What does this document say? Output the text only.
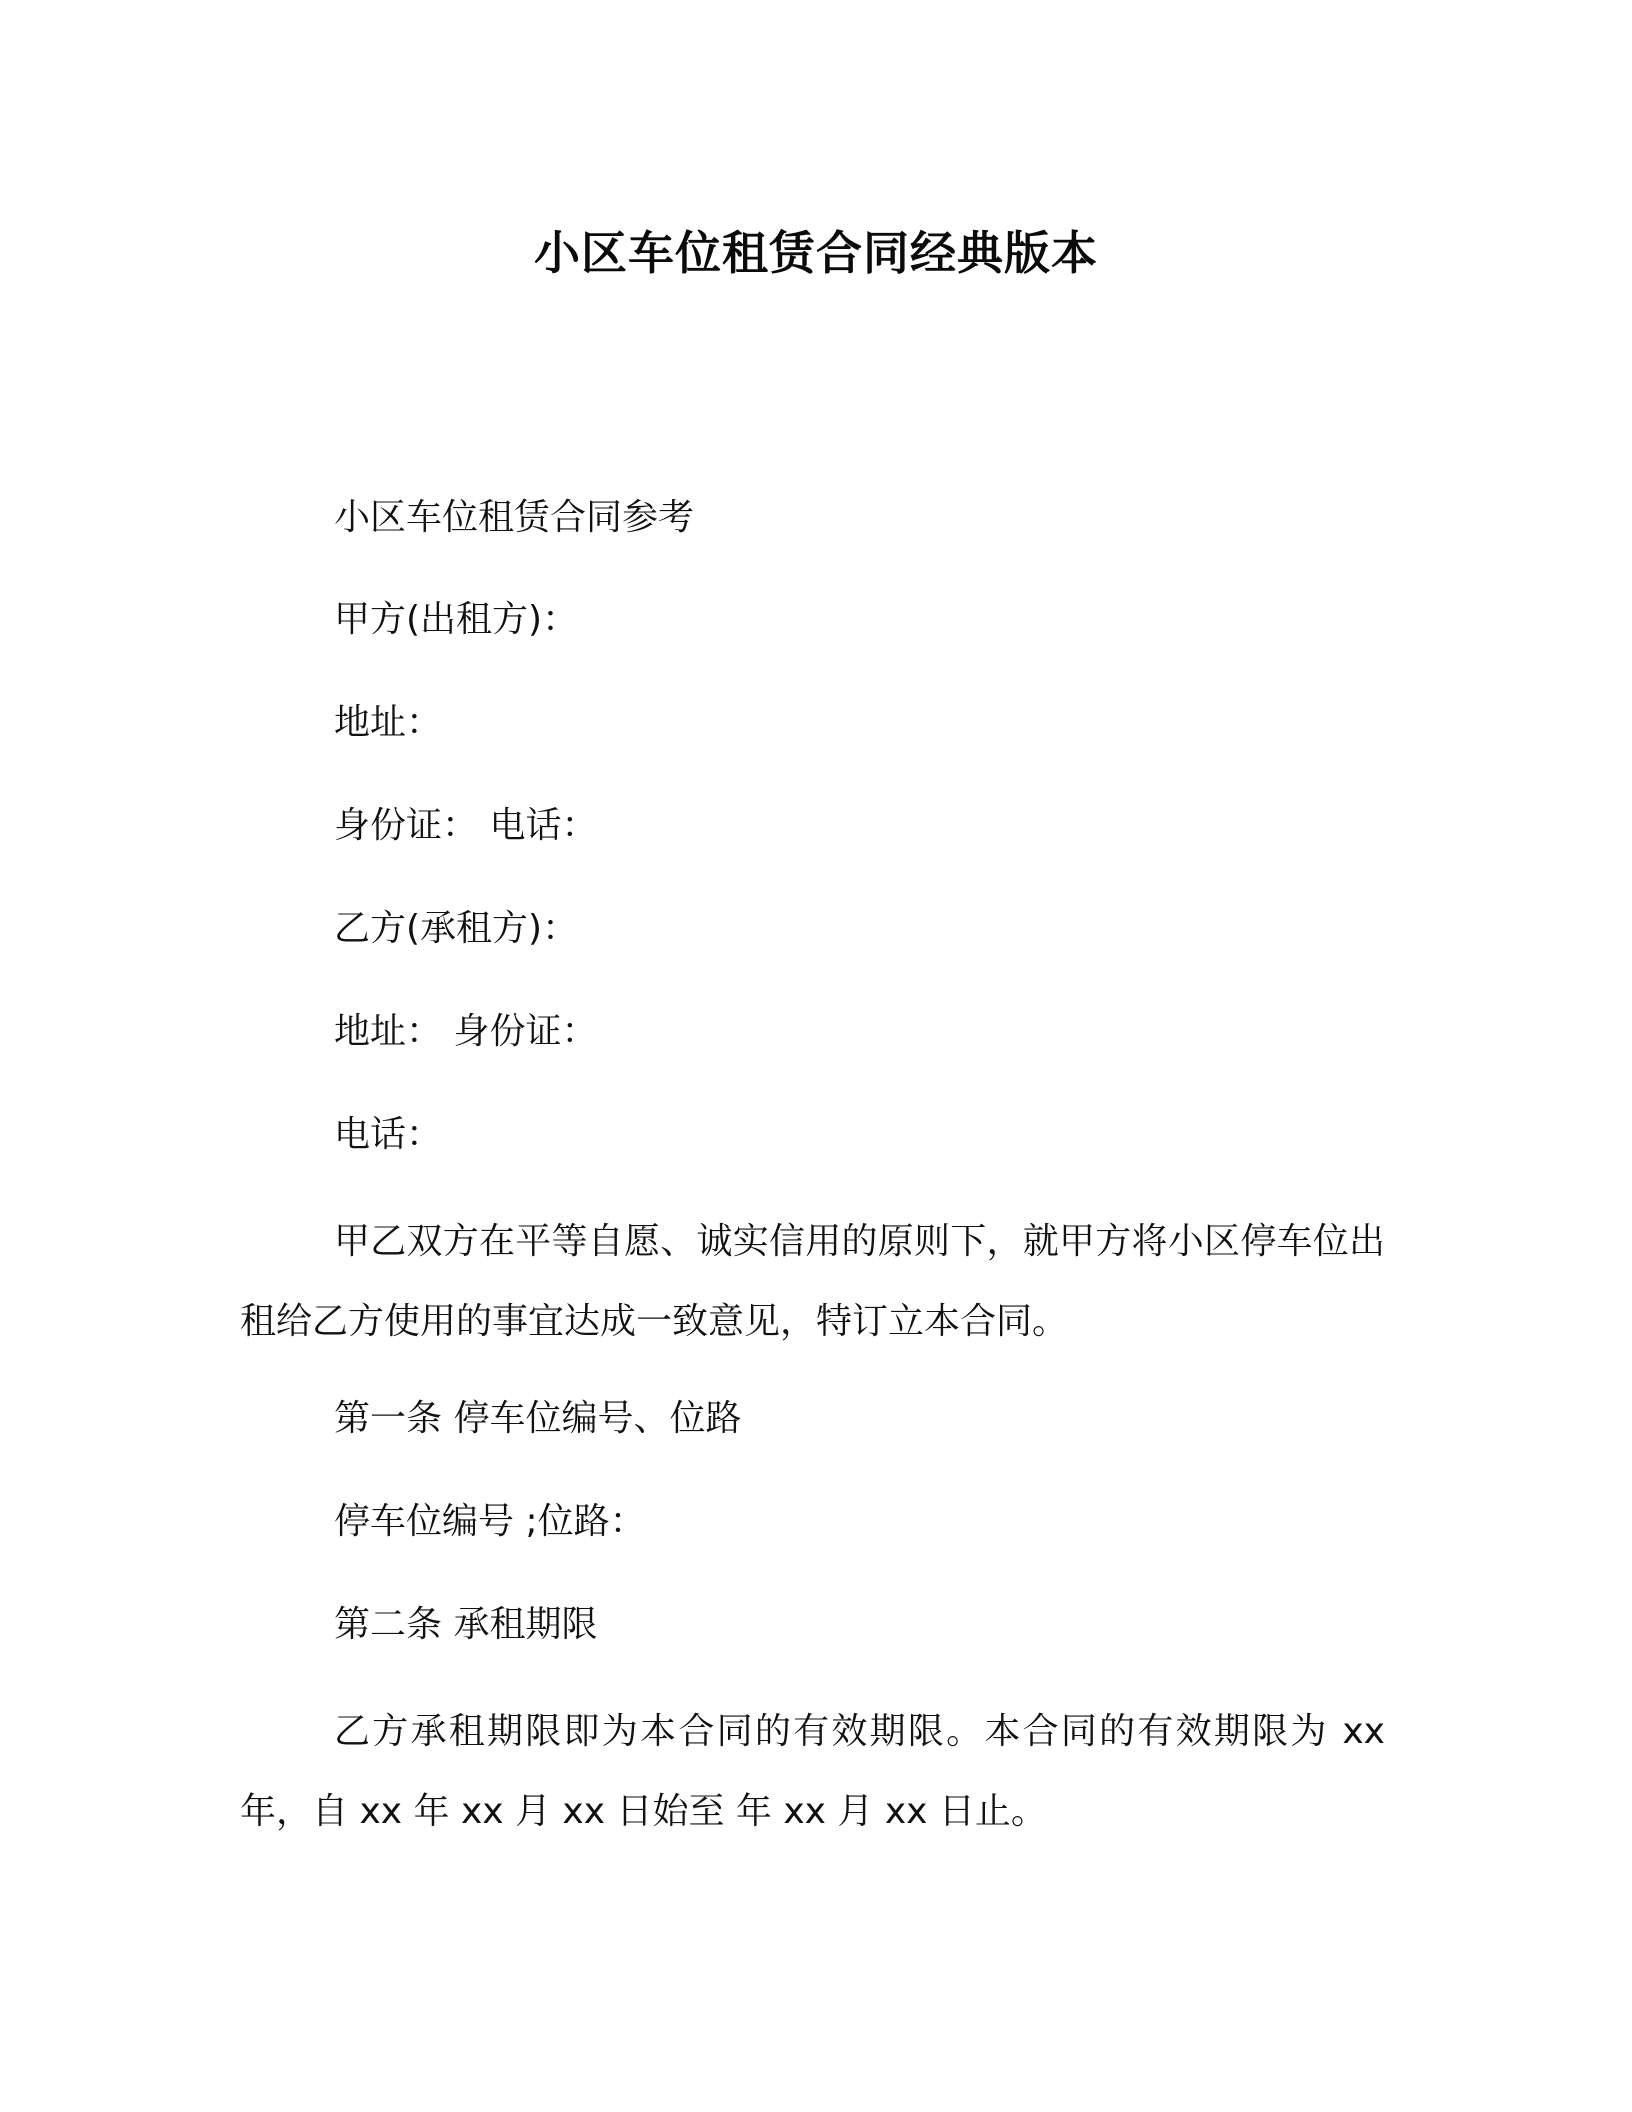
小区车位租赁合同经典版本

小区车位租赁合同参考

甲方(出租方)：

地址：

身份证： 电话：

乙方(承租方)：

地址： 身份证：

电话：

甲乙双方在平等自愿、诚实信用的原则下，就甲方将小区停车位出租给乙方使用的事宜达成一致意见，特订立本合同。

第一条 停车位编号、位路

停车位编号 ;位路：

第二条 承租期限

乙方承租期限即为本合同的有效期限。本合同的有效期限为 xx 年，自 xx 年 xx 月 xx 日始至 年 xx 月 xx 日止。
